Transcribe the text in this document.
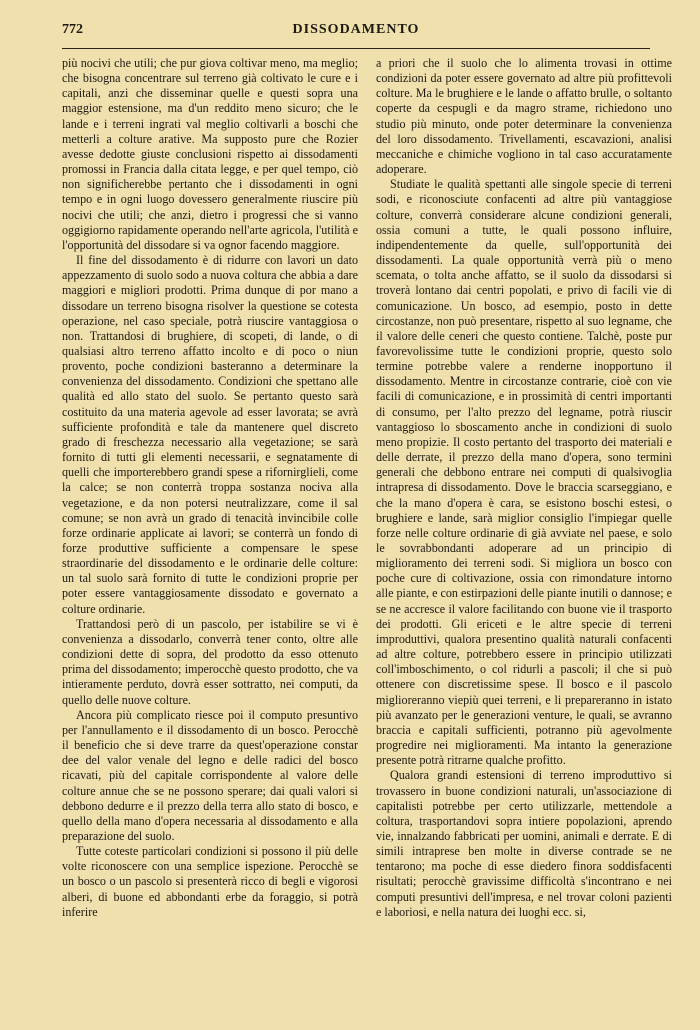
772	DISSODAMENTO

più nocivi che utili; che pur giova coltivar meno, ma meglio; che bisogna concentrare sul terreno già coltivato le cure e i capitali, anzi che disseminar quelle e questi sopra una maggior estensione, ma d'un reddito meno sicuro; che le lande e i terreni ingrati val meglio coltivarli a boschi che metterli a colture arative. Ma supposto pure che Rozier avesse dedotte giuste conclusioni rispetto ai dissodamenti promossi in Francia dalla citata legge, e per quel tempo, ciò non significherebbe pertanto che i dissodamenti in ogni tempo e in ogni luogo dovessero generalmente riuscire più nocivi che utili; che anzi, dietro i progressi che si vanno oggigiorno rapidamente operando nell'arte agricola, l'utilità e l'opportunità del dissodare si va ognor facendo maggiore.

Il fine del dissodamento è di ridurre con lavori un dato appezzamento di suolo sodo a nuova coltura che abbia a dare maggiori e migliori prodotti. Prima dunque di por mano a dissodare un terreno bisogna risolver la questione se cotesta operazione, nel caso speciale, potrà riuscire vantaggiosa o non. Trattandosi di brughiere, di scopeti, di lande, o di qualsiasi altro terreno affatto incolto e di poco o niun provento, poche condizioni basteranno a determinare la convenienza del dissodamento. Condizioni che spettano alle qualità ed allo stato del suolo. Se pertanto questo sarà costituito da una materia agevole ad esser lavorata; se avrà sufficiente profondità e tale da mantenere quel discreto grado di freschezza necessario alla vegetazione; se sarà fornito di tutti gli elementi necessarii, e segnatamente di quelli che importerebbero grandi spese a rifornirglieli, come la calce; se non conterrà troppa sostanza nociva alla vegetazione, e da non potersi neutralizzare, come il sal comune; se non avrà un grado di tenacità invincibile colle forze ordinarie applicate ai lavori; se conterrà un fondo di forze produttive sufficiente a compensare le spese straordinarie del dissodamento e le ordinarie delle colture: un tal suolo sarà fornito di tutte le condizioni proprie per poter essere vantaggiosamente dissodato e governato a colture ordinarie.

Trattandosi però di un pascolo, per istabilire se vi è convenienza a dissodarlo, converrà tener conto, oltre alle condizioni dette di sopra, del prodotto da esso ottenuto prima del dissodamento; imperocchè questo prodotto, che va intieramente perduto, dovrà esser sottratto, nei computi, da quello delle nuove colture.

Ancora più complicato riesce poi il computo presuntivo per l'annullamento e il dissodamento di un bosco. Perocchè il beneficio che si deve trarre da quest'operazione constar dee del valor venale del legno e delle radici del bosco ricavati, più del capitale corrispondente al valore delle colture annue che se ne possono sperare; dai quali valori si debbono dedurre e il prezzo della terra allo stato di bosco, e quello della mano d'opera necessaria al dissodamento e alla preparazione del suolo.

Tutte coteste particolari condizioni si possono il più delle volte riconoscere con una semplice ispezione. Perocchè se un bosco o un pascolo si presenterà ricco di begli e vigorosi alberi, di buone ed abbondanti erbe da foraggio, si potrà inferire

a priori che il suolo che lo alimenta trovasi in ottime condizioni da poter essere governato ad altre più profittevoli colture. Ma le brughiere e le lande o affatto brulle, o soltanto coperte da cespugli e da magro strame, richiedono uno studio più minuto, onde poter determinare la convenienza del loro dissodamento. Trivellamenti, escavazioni, analisi meccaniche e chimiche vogliono in tal caso accuratamente adoperare.

Studiate le qualità spettanti alle singole specie di terreni sodi, e riconosciute confacenti ad altre più vantaggiose colture, converrà considerare alcune condizioni generali, ossia comuni a tutte, le quali possono influire, indipendentemente da quelle, sull'opportunità dei dissodamenti. La quale opportunità verrà più o meno scemata, o tolta anche affatto, se il suolo da dissodarsi si troverà lontano dai centri popolati, e privo di facili vie di comunicazione. Un bosco, ad esempio, posto in dette circostanze, non può presentare, rispetto al suo legname, che il valore delle ceneri che questo contiene. Talchè, poste pur favorevolissime tutte le condizioni proprie, questo solo termine potrebbe valere a renderne inopportuno il dissodamento. Mentre in circostanze contrarie, cioè con vie facili di comunicazione, e in prossimità di centri importanti di consumo, per l'alto prezzo del legname, potrà riuscir vantaggioso lo sboscamento anche in condizioni di suolo meno propizie. Il costo pertanto del trasporto dei materiali e delle derrate, il prezzo della mano d'opera, sono termini generali che debbono entrare nei computi di qualsivoglia intrapresa di dissodamento. Dove le braccia scarseggiano, e che la mano d'opera è cara, se esistono boschi estesi, o brughiere e lande, sarà miglior consiglio l'impiegar quelle forze nelle colture ordinarie di già avviate nel paese, e solo le sovrabbondanti adoperare ad un principio di miglioramento dei terreni sodi. Si migliora un bosco con poche cure di coltivazione, ossia con rimondature intorno alle piante, e con estirpazioni delle piante inutili o dannose; e se ne accresce il valore facilitando con buone vie il trasporto dei prodotti. Gli ericeti e le altre specie di terreni improduttivi, qualora presentino qualità naturali confacenti ad altre colture, potrebbero essere in principio utilizzati coll'imboschimento, o col ridurli a pascoli; il che si può ottenere con discretissime spese. Il bosco e il pascolo miglioreranno viepiù quei terreni, e li prepareranno in istato più avanzato per le generazioni venture, le quali, se avranno braccia e capitali sufficienti, potranno più agevolmente progredire nei miglioramenti. Ma intanto la generazione presente potrà ritrarne qualche profitto.

Qualora grandi estensioni di terreno improduttivo si trovassero in buone condizioni naturali, un'associazione di capitalisti potrebbe per certo utilizzarle, mettendole a coltura, trasportandovi sopra intiere popolazioni, aprendo vie, innalzando fabbricati per uomini, animali e derrate. E di simili intraprese ben molte in diverse contrade se ne tentarono; ma poche di esse diedero finora soddisfacenti risultati; perocchè gravissime difficoltà s'incontrano e nei computi presuntivi dell'impresa, e nel trovar coloni pazienti e laboriosi, e nella natura dei luoghi ecc. si,
